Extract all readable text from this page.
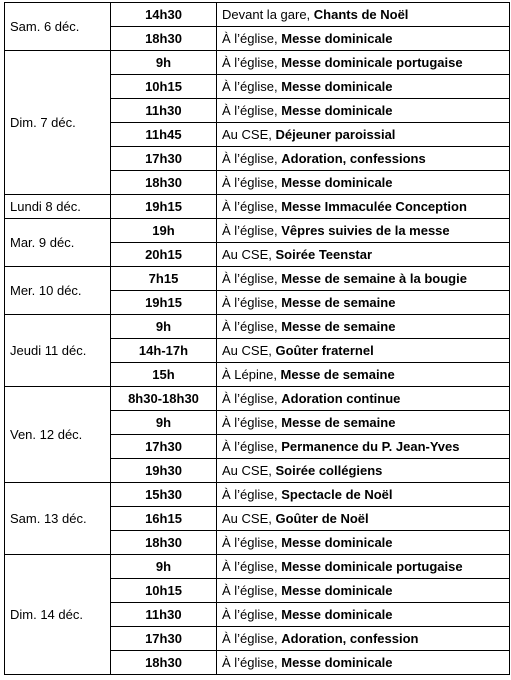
Sam. 6 déc.	14h30	Devant la gare, Chants de Noël
	18h30	À l’église, Messe dominicale
Dim. 7 déc.	9h	À l’église, Messe dominicale portugaise
	10h15	À l’église, Messe dominicale
	11h30	À l’église, Messe dominicale
	11h45	Au CSE, Déjeuner paroissial
	17h30	À l’église, Adoration, confessions
	18h30	À l’église, Messe dominicale
Lundi 8 déc.	19h15	À l’église, Messe Immaculée Conception
Mar. 9 déc.	19h	À l’église, Vêpres suivies de la messe
	20h15	Au CSE, Soirée Teenstar
Mer. 10 déc.	7h15	À l’église, Messe de semaine à la bougie
	19h15	À l’église, Messe de semaine
Jeudi 11 déc.	9h	À l’église, Messe de semaine
	14h-17h	Au CSE, Goûter fraternel
	15h	À Lépine, Messe de semaine
Ven. 12 déc.	8h30-18h30	À l’église, Adoration continue
	9h	À l’église, Messe de semaine
	17h30	À l’église, Permanence du P. Jean-Yves
	19h30	Au CSE, Soirée collégiens
Sam. 13 déc.	15h30	À l’église, Spectacle de Noël
	16h15	Au CSE, Goûter de Noël
	18h30	À l’église, Messe dominicale
Dim. 14 déc.	9h	À l’église, Messe dominicale portugaise
	10h15	À l’église, Messe dominicale
	11h30	À l’église, Messe dominicale
	17h30	À l’église, Adoration, confession
	18h30	À l’église, Messe dominicale
